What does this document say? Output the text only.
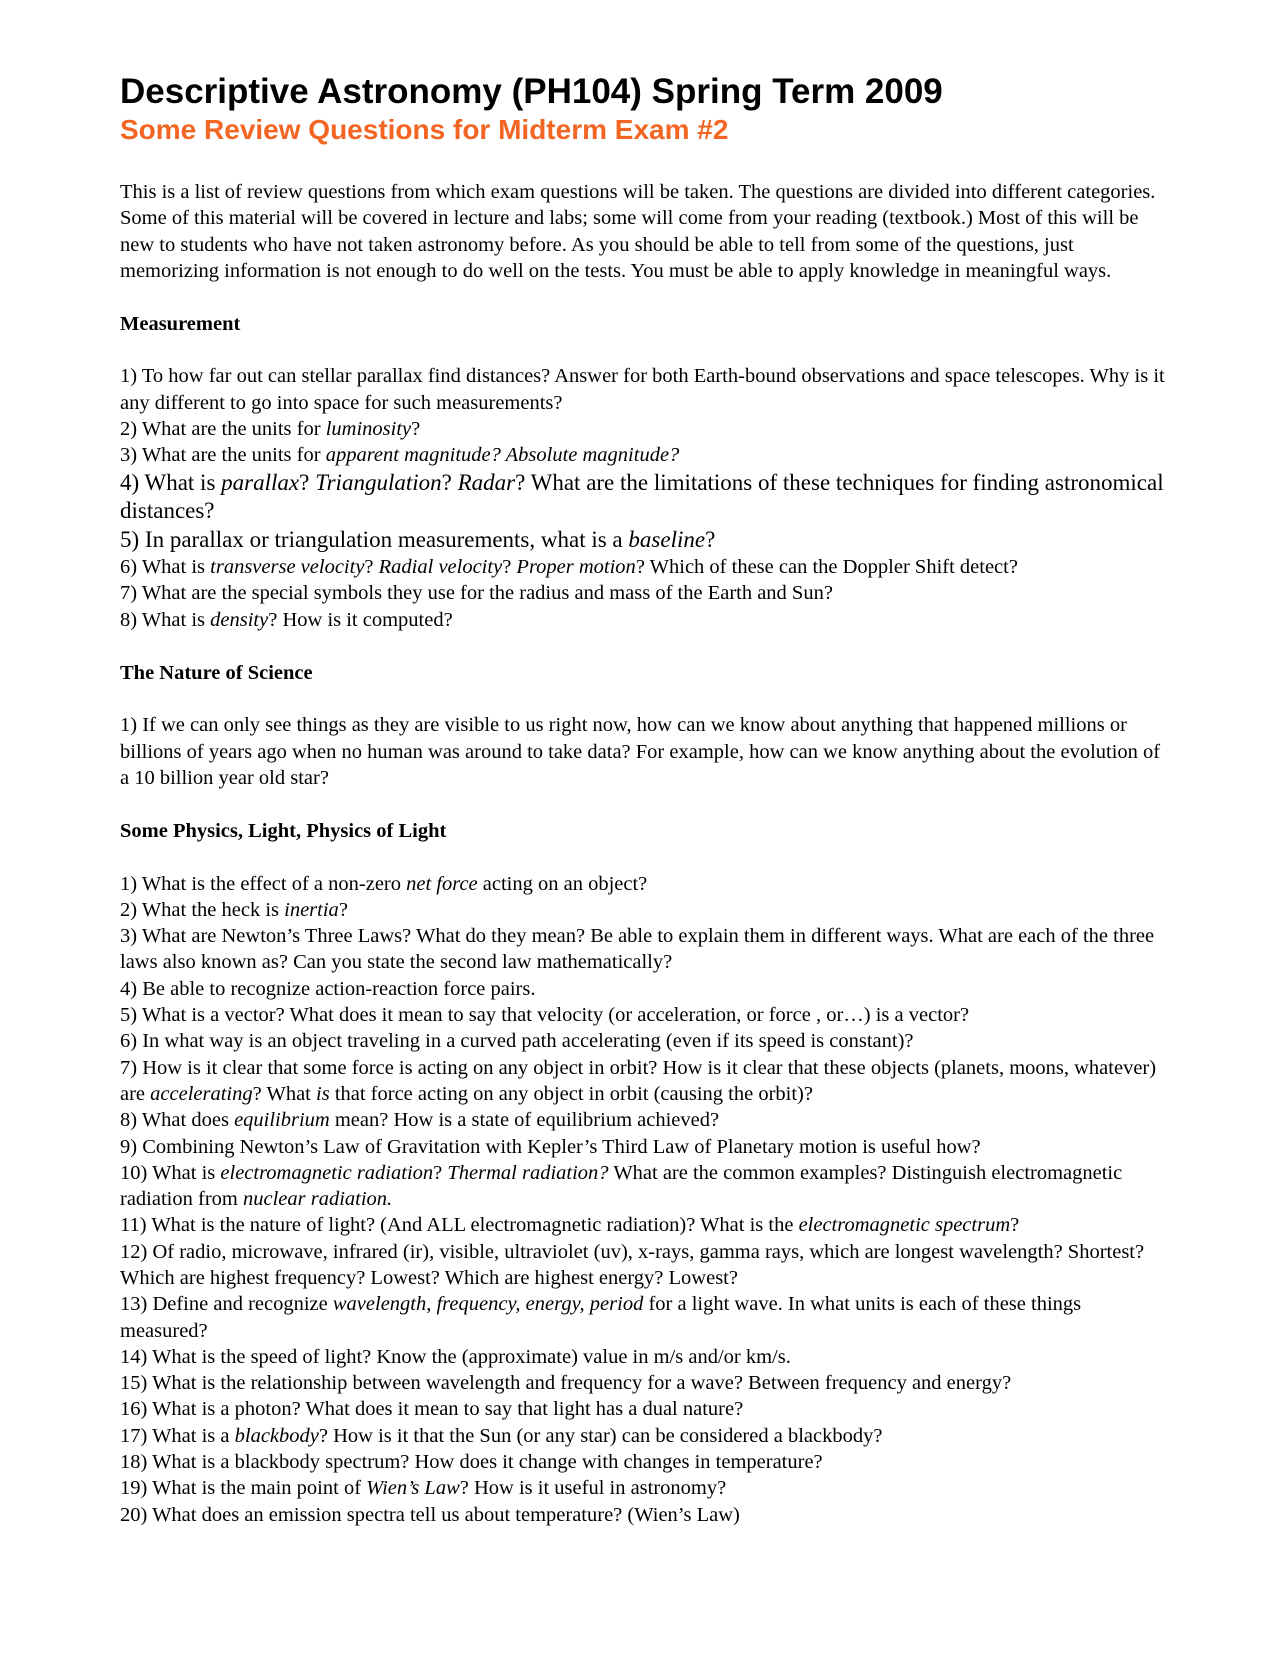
Descriptive Astronomy (PH104) Spring Term 2009
Some Review Questions for Midterm Exam #2

This is a list of review questions from which exam questions will be taken. The questions are divided into different categories. Some of this material will be covered in lecture and labs; some will come from your reading (textbook.) Most of this will be new to students who have not taken astronomy before. As you should be able to tell from some of the questions, just memorizing information is not enough to do well on the tests. You must be able to apply knowledge in meaningful ways.

Measurement

1) To how far out can stellar parallax find distances? Answer for both Earth-bound observations and space telescopes. Why is it any different to go into space for such measurements?

2) What are the units for luminosity?

3) What are the units for apparent magnitude? Absolute magnitude?

4) What is parallax? Triangulation? Radar? What are the limitations of these techniques for finding astronomical distances?

5) In parallax or triangulation measurements, what is a baseline?

6) What is transverse velocity? Radial velocity? Proper motion? Which of these can the Doppler Shift detect?

7) What are the special symbols they use for the radius and mass of the Earth and Sun?

8) What is density? How is it computed?

The Nature of Science

1) If we can only see things as they are visible to us right now, how can we know about anything that happened millions or billions of years ago when no human was around to take data? For example, how can we know anything about the evolution of a 10 billion year old star?

Some Physics, Light, Physics of Light

1) What is the effect of a non-zero net force acting on an object?

2) What the heck is inertia?

3) What are Newton’s Three Laws? What do they mean? Be able to explain them in different ways. What are each of the three laws also known as? Can you state the second law mathematically?

4) Be able to recognize action-reaction force pairs.

5) What is a vector? What does it mean to say that velocity (or acceleration, or force , or…) is a vector?

6) In what way is an object traveling in a curved path accelerating (even if its speed is constant)?

7) How is it clear that some force is acting on any object in orbit? How is it clear that these objects (planets, moons, whatever) are accelerating? What is that force acting on any object in orbit (causing the orbit)?

8) What does equilibrium mean? How is a state of equilibrium achieved?

9) Combining Newton’s Law of Gravitation with Kepler’s Third Law of Planetary motion is useful how?

10) What is electromagnetic radiation? Thermal radiation? What are the common examples? Distinguish electromagnetic radiation from nuclear radiation.

11) What is the nature of light? (And ALL electromagnetic radiation)? What is the electromagnetic spectrum?

12) Of radio, microwave, infrared (ir), visible, ultraviolet (uv), x-rays, gamma rays, which are longest wavelength? Shortest? Which are highest frequency? Lowest? Which are highest energy? Lowest?

13) Define and recognize wavelength, frequency, energy, period for a light wave. In what units is each of these things measured?

14) What is the speed of light? Know the (approximate) value in m/s and/or km/s.

15) What is the relationship between wavelength and frequency for a wave? Between frequency and energy?

16) What is a photon? What does it mean to say that light has a dual nature?

17) What is a blackbody? How is it that the Sun (or any star) can be considered a blackbody?

18) What is a blackbody spectrum? How does it change with changes in temperature?

19) What is the main point of Wien’s Law? How is it useful in astronomy?

20) What does an emission spectra tell us about temperature? (Wien’s Law)
